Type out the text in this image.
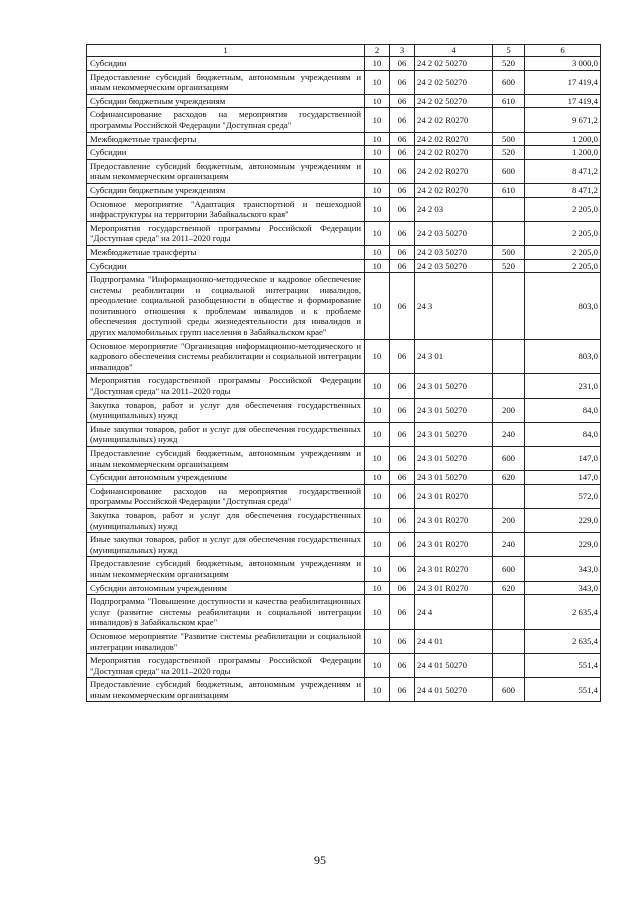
1	2	3	4	5	6
Субсидии	10	06	24 2 02 50270	520	3 000,0
Предоставление субсидий бюджетным, автономным учреждениям и иным некоммерческим организациям	10	06	24 2 02 50270	600	17 419,4
Субсидии бюджетным учреждениям	10	06	24 2 02 50270	610	17 419,4
Софинансирование расходов на мероприятия государственной программы Российской Федерации "Доступная среда"	10	06	24 2 02 R0270		9 671,2
Межбюджетные трансферты	10	06	24 2 02 R0270	500	1 200,0
Субсидии	10	06	24 2 02 R0270	520	1 200,0
Предоставление субсидий бюджетным, автономным учреждениям и иным некоммерческим организациям	10	06	24 2 02 R0270	600	8 471,2
Субсидии бюджетным учреждениям	10	06	24 2 02 R0270	610	8 471,2
Основное мероприятие "Адаптация транспортной и пешеходной инфраструктуры на территории Забайкальского края"	10	06	24 2 03		2 205,0
Мероприятия государственной программы Российской Федерации "Доступная среда" на 2011–2020 годы	10	06	24 2 03 50270		2 205,0
Межбюджетные трансферты	10	06	24 2 03 50270	500	2 205,0
Субсидии	10	06	24 2 03 50270	520	2 205,0
Подпрограмма "Информационно-методическое и кадровое обеспечение системы реабилитации и социальной интеграции инвалидов, преодоление социальной разобщенности в обществе и формирование позитивного отношения к проблемам инвалидов и к проблеме обеспечения доступной среды жизнедеятельности для инвалидов и других маломобильных групп населения в Забайкальском крае"	10	06	24 3		803,0
Основное мероприятие "Организация информационно-методического и кадрового обеспечения системы реабилитации и социальной интеграции инвалидов"	10	06	24 3 01		803,0
Мероприятия государственной программы Российской Федерации "Доступная среда" на 2011–2020 годы	10	06	24 3 01 50270		231,0
Закупка товаров, работ и услуг для обеспечения государственных (муниципальных) нужд	10	06	24 3 01 50270	200	84,0
Иные закупки товаров, работ и услуг для обеспечения государственных (муниципальных) нужд	10	06	24 3 01 50270	240	84,0
Предоставление субсидий бюджетным, автономным учреждениям и иным некоммерческим организациям	10	06	24 3 01 50270	600	147,0
Субсидии автономным учреждениям	10	06	24 3 01 50270	620	147,0
Софинансирование расходов на мероприятия государственной программы Российской Федерации "Доступная среда"	10	06	24 3 01 R0270		572,0
Закупка товаров, работ и услуг для обеспечения государственных (муниципальных) нужд	10	06	24 3 01 R0270	200	229,0
Иные закупки товаров, работ и услуг для обеспечения государственных (муниципальных) нужд	10	06	24 3 01 R0270	240	229,0
Предоставление субсидий бюджетным, автономным учреждениям и иным некоммерческим организациям	10	06	24 3 01 R0270	600	343,0
Субсидии автономным учреждениям	10	06	24 3 01 R0270	620	343,0
Подпрограмма "Повышение доступности и качества реабилитационных услуг (развитие системы реабилитации и социальной интеграции инвалидов) в Забайкальском крае"	10	06	24 4		2 635,4
Основное мероприятие "Развитие системы реабилитации и социальной интеграции инвалидов"	10	06	24 4 01		2 635,4
Мероприятия государственной программы Российской Федерации "Доступная среда" на 2011–2020 годы	10	06	24 4 01 50270		551,4
Предоставление субсидий бюджетным, автономным учреждениям и иным некоммерческим организациям	10	06	24 4 01 50270	600	551,4
95
